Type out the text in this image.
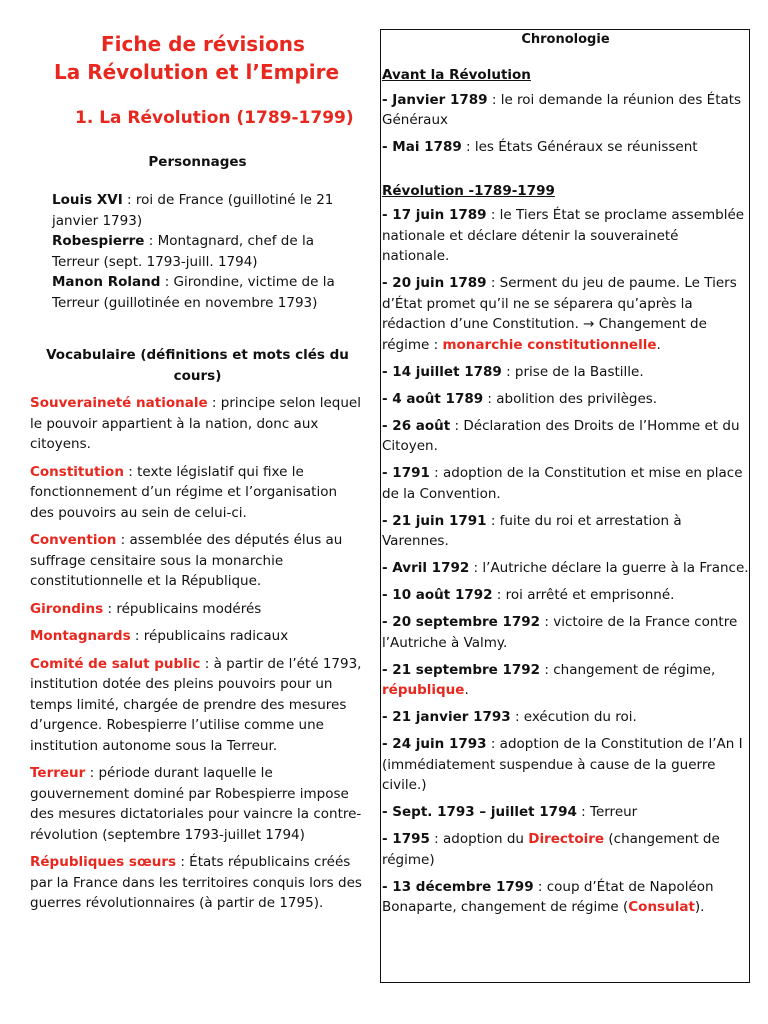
Fiche de révisions
La Révolution et l’Empire
1. La Révolution (1789-1799)
Personnages
Louis XVI : roi de France (guillotiné le 21 janvier 1793)
Robespierre : Montagnard, chef de la Terreur (sept. 1793-juill. 1794)
Manon Roland : Girondine, victime de la Terreur (guillotinée en novembre 1793)
Vocabulaire (définitions et mots clés du cours)
Souveraineté nationale : principe selon lequel le pouvoir appartient à la nation, donc aux citoyens.
Constitution : texte législatif qui fixe le fonctionnement d’un régime et l’organisation des pouvoirs au sein de celui-ci.
Convention : assemblée des députés élus au suffrage censitaire sous la monarchie constitutionnelle et la République.
Girondins : républicains modérés
Montagnards : républicains radicaux
Comité de salut public : à partir de l’été 1793, institution dotée des pleins pouvoirs pour un temps limité, chargée de prendre des mesures d’urgence. Robespierre l’utilise comme une institution autonome sous la Terreur.
Terreur : période durant laquelle le gouvernement dominé par Robespierre impose des mesures dictatoriales pour vaincre la contre-révolution (septembre 1793-juillet 1794)
Républiques sœurs : États républicains créés par la France dans les territoires conquis lors des guerres révolutionnaires (à partir de 1795).
Chronologie
Avant la Révolution
- Janvier 1789 : le roi demande la réunion des États Généraux
- Mai 1789 : les États Généraux se réunissent
Révolution -1789-1799
- 17 juin 1789 : le Tiers État se proclame assemblée nationale et déclare détenir la souveraineté nationale.
- 20 juin 1789 : Serment du jeu de paume. Le Tiers d’État promet qu’il ne se séparera qu’après la rédaction d’une Constitution. → Changement de régime : monarchie constitutionnelle.
- 14 juillet 1789 : prise de la Bastille.
- 4 août 1789 : abolition des privilèges.
- 26 août : Déclaration des Droits de l’Homme et du Citoyen.
- 1791 : adoption de la Constitution et mise en place de la Convention.
- 21 juin 1791 : fuite du roi et arrestation à Varennes.
- Avril 1792 : l’Autriche déclare la guerre à la France.
- 10 août 1792 : roi arrêté et emprisonné.
- 20 septembre 1792 : victoire de la France contre l’Autriche à Valmy.
- 21 septembre 1792 : changement de régime, république.
- 21 janvier 1793 : exécution du roi.
- 24 juin 1793 : adoption de la Constitution de l’An I (immédiatement suspendue à cause de la guerre civile.)
- Sept. 1793 – juillet 1794 : Terreur
- 1795 : adoption du Directoire (changement de régime)
- 13 décembre 1799 : coup d’État de Napoléon Bonaparte, changement de régime (Consulat).
